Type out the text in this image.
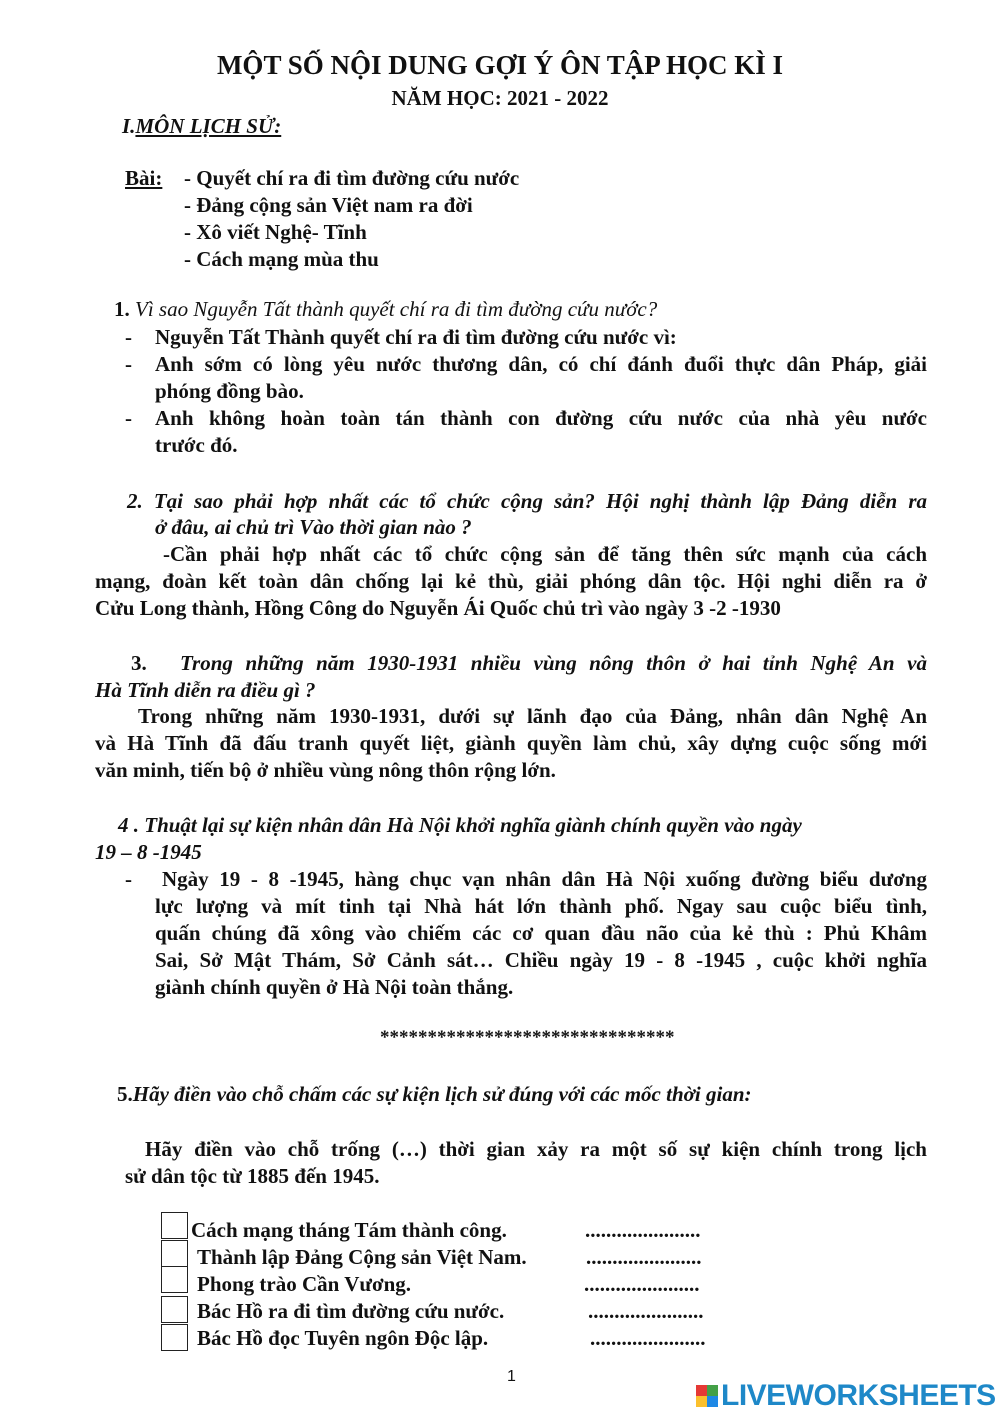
MỘT SỐ NỘI DUNG GỢI Ý ÔN TẬP HỌC KÌ I
NĂM HỌC: 2021 - 2022
I.MÔN LỊCH SỬ:
Bài: - Quyết chí ra đi tìm đường cứu nước
- Đảng cộng sản Việt nam ra đời
- Xô viết Nghệ- Tĩnh
- Cách mạng mùa thu
1. Vì sao Nguyễn Tất thành quyết chí ra đi tìm đường cứu nước?
- Nguyễn Tất Thành quyết chí ra đi tìm đường cứu nước vì:
- Anh sớm có lòng yêu nước thương dân, có chí đánh đuổi thực dân Pháp, giải
phóng đồng bào.
- Anh không hoàn toàn tán thành con đường cứu nước của nhà yêu nước
trước đó.
2. Tại sao phải hợp nhất các tổ chức cộng sản? Hội nghị thành lập Đảng diễn ra
ở đâu, ai chủ trì Vào thời gian nào ?
-Cần phải hợp nhất các tổ chức cộng sản để tăng thên sức mạnh của cách
mạng, đoàn kết toàn dân chống lại kẻ thù, giải phóng dân tộc. Hội nghi diễn ra ở
Cửu Long thành, Hồng Công do Nguyễn Ái Quốc chủ trì vào ngày 3 -2 -1930
3. Trong những năm 1930-1931 nhiều vùng nông thôn ở hai tỉnh Nghệ An và
Hà Tĩnh diễn ra điều gì ?
Trong những năm 1930-1931, dưới sự lãnh đạo của Đảng, nhân dân Nghệ An
và Hà Tĩnh đã đấu tranh quyết liệt, giành quyền làm chủ, xây dựng cuộc sống mới
văn minh, tiến bộ ở nhiều vùng nông thôn rộng lớn.
4 . Thuật lại sự kiện nhân dân Hà Nội khởi nghĩa giành chính quyền vào ngày
19 – 8 -1945
- Ngày 19 - 8 -1945, hàng chục vạn nhân dân Hà Nội xuống đường biểu dương
lực lượng và mít tinh tại Nhà hát lớn thành phố. Ngay sau cuộc biểu tình,
quấn chúng đã xông vào chiếm các cơ quan đầu não của kẻ thù : Phủ Khâm
Sai, Sở Mật Thám, Sở Cảnh sát… Chiều ngày 19 - 8 -1945 , cuộc khởi nghĩa
giành chính quyền ở Hà Nội toàn thắng.
*******************************
5.Hãy điền vào chỗ chấm các sự kiện lịch sử đúng với các mốc thời gian:
Hãy điền vào chỗ trống (…) thời gian xảy ra một số sự kiện chính trong lịch
sử dân tộc từ 1885 đến 1945.
Cách mạng tháng Tám thành công.	......................
Thành lập Đảng Cộng sản Việt Nam.	......................
Phong trào Cần Vương.	......................
Bác Hồ ra đi tìm đường cứu nước.	......................
Bác Hồ đọc Tuyên ngôn Độc lập.	......................
1
LIVEWORKSHEETS
